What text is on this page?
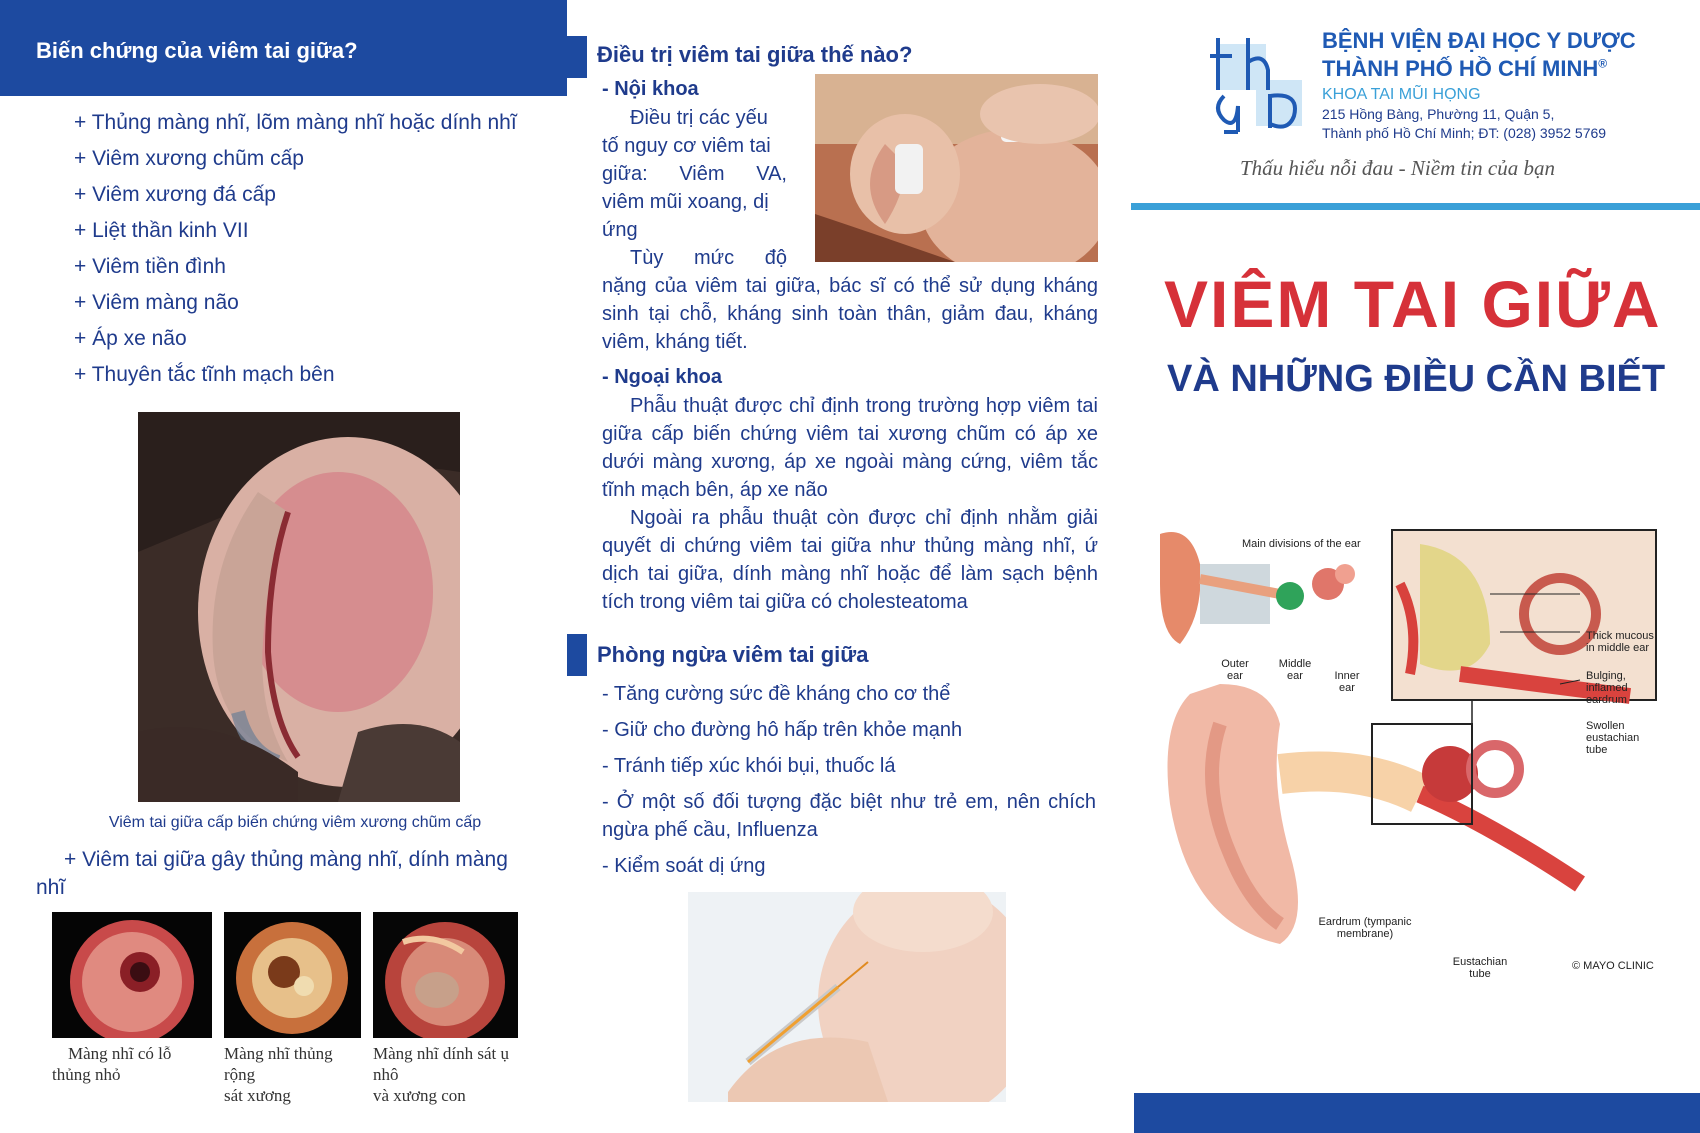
Biến chứng của viêm tai giữa?
+ Thủng màng nhĩ, lõm màng nhĩ hoặc dính nhĩ
+ Viêm xương chũm cấp
+ Viêm xương đá cấp
+ Liệt thần kinh VII
+ Viêm tiền đình
+ Viêm màng não
+ Áp xe não
+ Thuyên tắc tĩnh mạch bên
Viêm tai giữa cấp biến chứng viêm xương chũm cấp
+ Viêm tai giữa gây thủng màng nhĩ, dính màng
nhĩ
Màng nhĩ có lỗ
thủng nhỏ
Màng nhĩ thủng
rộng
sát xương
Màng nhĩ dính sát ụ
nhô
và xương con
Điều trị viêm tai giữa thế nào?
- Nội khoa
Điều trị các yếu
tố nguy cơ viêm tai
giữa: Viêm VA,
viêm mũi xoang, dị
ứng
Tùy mức độ
nặng của viêm tai giữa, bác sĩ có thể sử dụng kháng sinh tại chỗ, kháng sinh toàn thân, giảm đau, kháng viêm, kháng tiết.
- Ngoại khoa
Phẫu thuật được chỉ định trong trường hợp viêm tai giữa cấp biến chứng viêm tai xương chũm có áp xe dưới màng xương, áp xe ngoài màng cứng, viêm tắc tĩnh mạch bên, áp xe não
Ngoài ra phẫu thuật còn được chỉ định nhằm giải quyết di chứng viêm tai giữa như thủng màng nhĩ, ứ dịch tai giữa, dính màng nhĩ hoặc để làm sạch bệnh tích trong viêm tai giữa có cholesteatoma
Phòng ngừa viêm tai giữa
- Tăng cường sức đề kháng cho cơ thể
- Giữ cho đường hô hấp trên khỏe mạnh
- Tránh tiếp xúc khói bụi, thuốc lá
- Ở một số đối tượng đặc biệt như trẻ em, nên chích ngừa phế cầu, Influenza
- Kiểm soát dị ứng
BỆNH VIỆN ĐẠI HỌC Y DƯỢC
THÀNH PHỐ HỒ CHÍ MINH®
KHOA TAI MŨI HỌNG
215 Hồng Bàng, Phường 11, Quận 5,
Thành phố Hồ Chí Minh; ĐT: (028) 3952 5769
Thấu hiểu nỗi đau - Niềm tin của bạn
VIÊM TAI GIỮA
VÀ NHỮNG ĐIỀU CẦN BIẾT
Main divisions of the ear
Outer ear
Middle ear	Inner ear
Thick mucous in middle ear
Bulging, inflamed eardrum
Swollen eustachian tube
Eardrum (tympanic membrane)
Eustachian tube
© MAYO CLINIC
